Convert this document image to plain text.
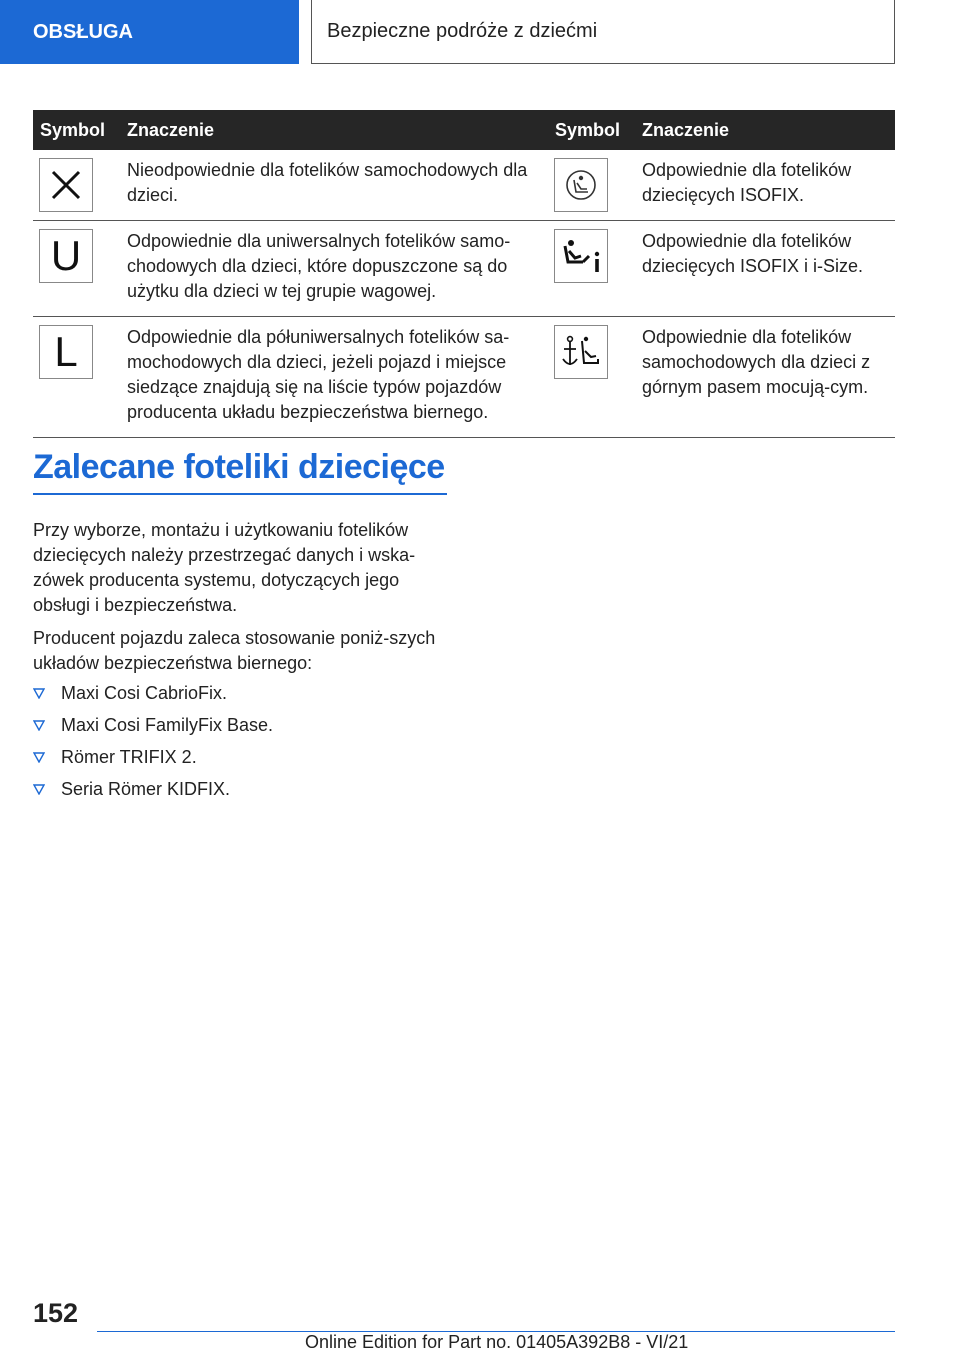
OBSŁUGA	Bezpieczne podróże z dziećmi
Symbol	Znaczenie	Symbol	Znaczenie

	Nieodpowiednie dla fotelików samochodowych dla dzieci.		Odpowiednie dla fotelików dziecięcych ISOFIX.

U	Odpowiednie dla uniwersalnych fotelików samo-chodowych dla dzieci, które dopuszczone są do użytku dla dzieci w tej grupie wagowej.		Odpowiednie dla fotelików dziecięcych ISOFIX i i-Size.

L	Odpowiednie dla półuniwersalnych fotelików sa-mochodowych dla dzieci, jeżeli pojazd i miejsce siedzące znajdują się na liście typów pojazdów producenta układu bezpieczeństwa biernego.		Odpowiednie dla fotelików samochodowych dla dzieci z górnym pasem mocują-cym.
Zalecane foteliki dziecięce

Przy wyborze, montażu i użytkowaniu fotelików dziecięcych należy przestrzegać danych i wska-zówek producenta systemu, dotyczących jego obsługi i bezpieczeństwa.

Producent pojazdu zaleca stosowanie poniż-szych układów bezpieczeństwa biernego:

Maxi Cosi CabrioFix.
Maxi Cosi FamilyFix Base.
Römer TRIFIX 2.
Seria Römer KIDFIX.
152
Online Edition for Part no. 01405A392B8 - VI/21
